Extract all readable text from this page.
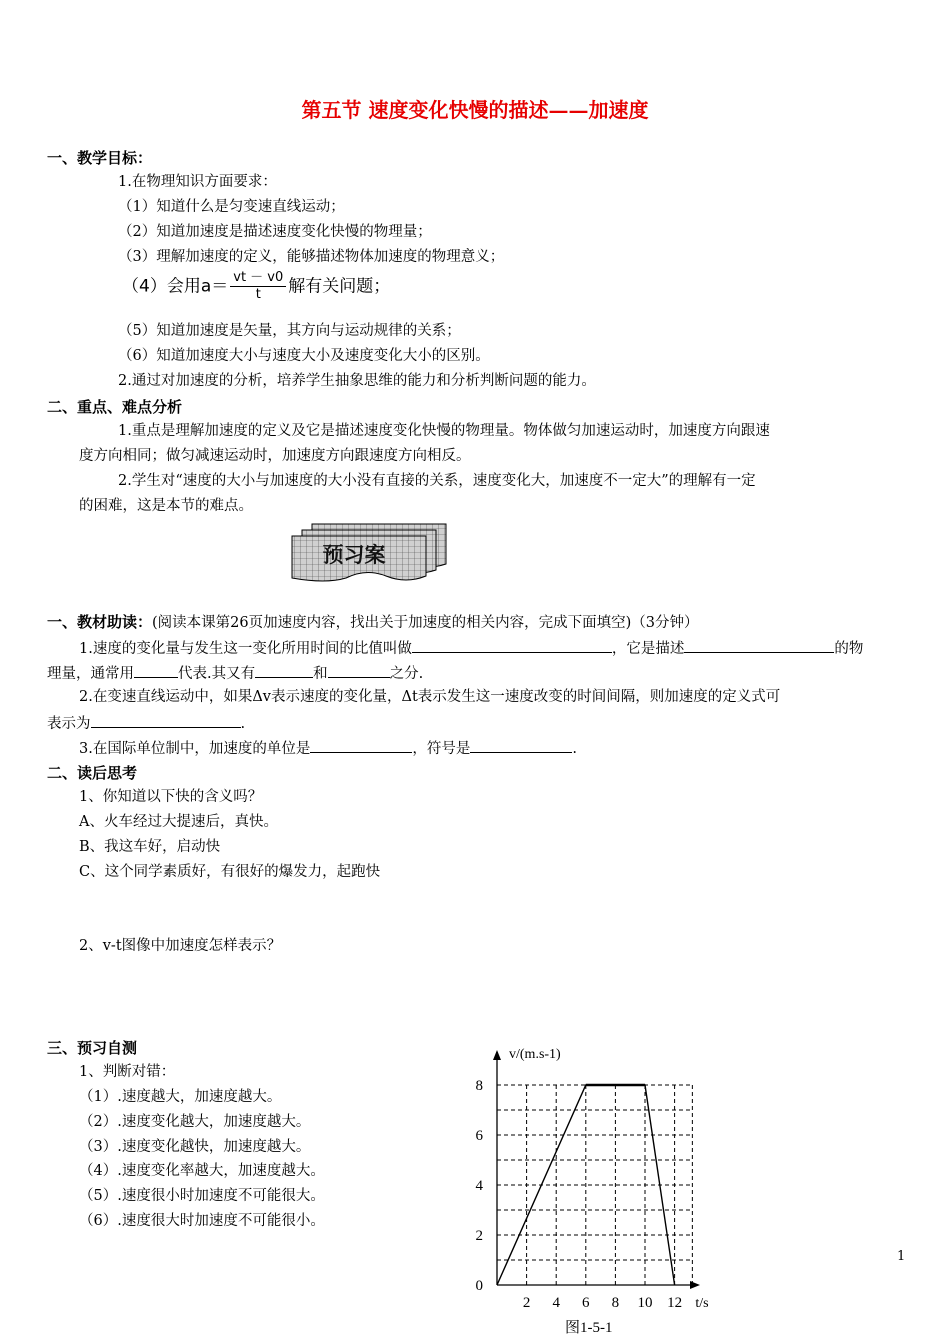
第五节 速度变化快慢的描述——加速度
一、教学目标：
1.在物理知识方面要求：
（1）知道什么是匀变速直线运动；
（2）知道加速度是描述速度变化快慢的物理量；
（3）理解加速度的定义，能够描述物体加速度的物理意义；
（4）会用$a= \frac{vt - v0}{t}$ 解有关问题；
（5）知道加速度是矢量，其方向与运动规律的关系；
（6）知道加速度大小与速度大小及速度变化大小的区别。
2.通过对加速度的分析，培养学生抽象思维的能力和分析判断问题的能力。
二、重点、难点分析
1.重点是理解加速度的定义及它是描述速度变化快慢的物理量。物体做匀加速运动时，加速度方向跟速
度方向相同；做匀减速运动时，加速度方向跟速度方向相反。
2.学生对“速度的大小与加速度的大小没有直接的关系，速度变化大，加速度不一定大”的理解有一定
的困难，这是本节的难点。
预习案
一、教材助读：(阅读本课第26页加速度内容，找出关于加速度的相关内容，完成下面填空)（3分钟）
1.速度的变化量与发生这一变化所用时间的比值叫做	，它是描述	的物
理量，通常用	代表.其又有	和	之分.
2.在变速直线运动中，如果Δv表示速度的变化量，Δt表示发生这一速度改变的时间间隔，则加速度的定义式可
表示为	.
3.在国际单位制中，加速度的单位是	，符号是	.
二、读后思考
1、你知道以下快的含义吗？
A、火车经过大提速后，真快。
B、我这车好，启动快
C、这个同学素质好，有很好的爆发力，起跑快
2、v-t图像中加速度怎样表示？
三、预习自测
1、判断对错：
（1）.速度越大，加速度越大。
（2）.速度变化越大，加速度越大。
（3）.速度变化越快，加速度越大。
（4）.速度变化率越大，加速度越大。
（5）.速度很小时加速度不可能很大。
（6）.速度很大时加速度不可能很小。
v/(m.s-1)
t/s
0
2
4
6
8
2 4 6 8 10 12
图1-5-1
1
